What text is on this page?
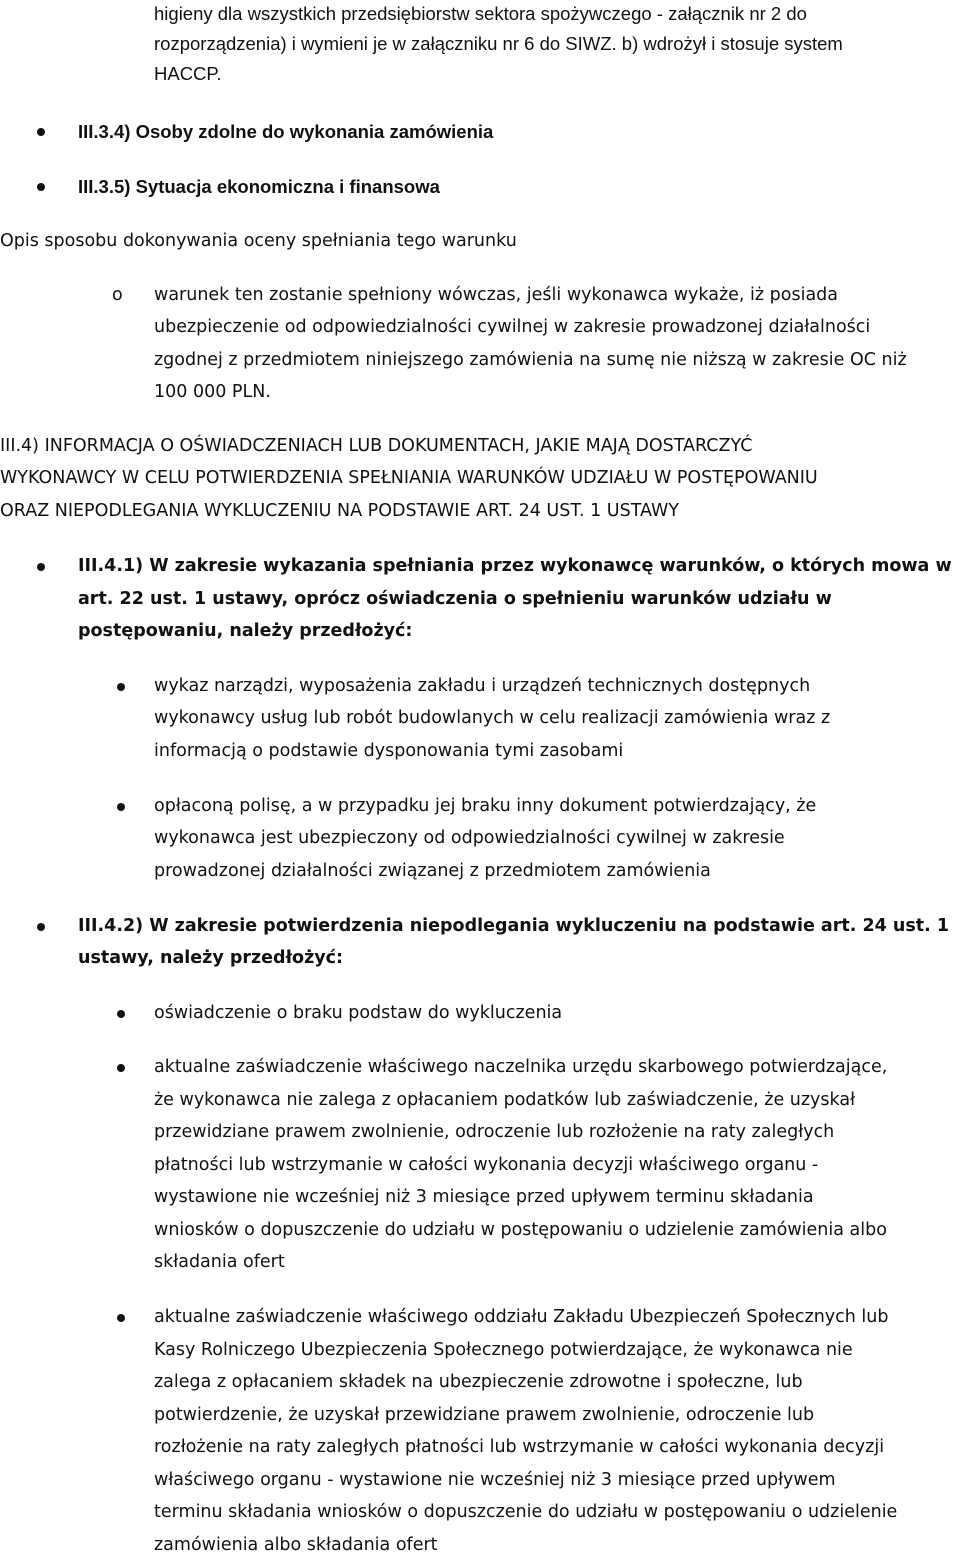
higieny dla wszystkich przedsiębiorstw sektora spożywczego - załącznik nr 2 do

rozporządzenia) i wymieni je w załączniku nr 6 do SIWZ. b) wdrożył i stosuje system

HACCP.

III.3.4) Osoby zdolne do wykonania zamówienia

III.3.5) Sytuacja ekonomiczna i finansowa

Opis sposobu dokonywania oceny spełniania tego warunku

o warunek ten zostanie spełniony wówczas, jeśli wykonawca wykaże, iż posiada

ubezpieczenie od odpowiedzialności cywilnej w zakresie prowadzonej działalności

zgodnej z przedmiotem niniejszego zamówienia na sumę nie niższą w zakresie OC niż

100 000 PLN.

III.4) INFORMACJA O OŚWIADCZENIACH LUB DOKUMENTACH, JAKIE MAJĄ DOSTARCZYĆ

WYKONAWCY W CELU POTWIERDZENIA SPEŁNIANIA WARUNKÓW UDZIAŁU W POSTĘPOWANIU

ORAZ NIEPODLEGANIA WYKLUCZENIU NA PODSTAWIE ART. 24 UST. 1 USTAWY

III.4.1) W zakresie wykazania spełniania przez wykonawcę warunków, o których mowa w

art. 22 ust. 1 ustawy, oprócz oświadczenia o spełnieniu warunków udziału w

postępowaniu, należy przedłożyć:

wykaz narządzi, wyposażenia zakładu i urządzeń technicznych dostępnych

wykonawcy usług lub robót budowlanych w celu realizacji zamówienia wraz z

informacją o podstawie dysponowania tymi zasobami

opłaconą polisę, a w przypadku jej braku inny dokument potwierdzający, że

wykonawca jest ubezpieczony od odpowiedzialności cywilnej w zakresie

prowadzonej działalności związanej z przedmiotem zamówienia

III.4.2) W zakresie potwierdzenia niepodlegania wykluczeniu na podstawie art. 24 ust. 1

ustawy, należy przedłożyć:

oświadczenie o braku podstaw do wykluczenia

aktualne zaświadczenie właściwego naczelnika urzędu skarbowego potwierdzające,

że wykonawca nie zalega z opłacaniem podatków lub zaświadczenie, że uzyskał

przewidziane prawem zwolnienie, odroczenie lub rozłożenie na raty zaległych

płatności lub wstrzymanie w całości wykonania decyzji właściwego organu -

wystawione nie wcześniej niż 3 miesiące przed upływem terminu składania

wniosków o dopuszczenie do udziału w postępowaniu o udzielenie zamówienia albo

składania ofert

aktualne zaświadczenie właściwego oddziału Zakładu Ubezpieczeń Społecznych lub

Kasy Rolniczego Ubezpieczenia Społecznego potwierdzające, że wykonawca nie

zalega z opłacaniem składek na ubezpieczenie zdrowotne i społeczne, lub

potwierdzenie, że uzyskał przewidziane prawem zwolnienie, odroczenie lub

rozłożenie na raty zaległych płatności lub wstrzymanie w całości wykonania decyzji

właściwego organu - wystawione nie wcześniej niż 3 miesiące przed upływem

terminu składania wniosków o dopuszczenie do udziału w postępowaniu o udzielenie

zamówienia albo składania ofert
